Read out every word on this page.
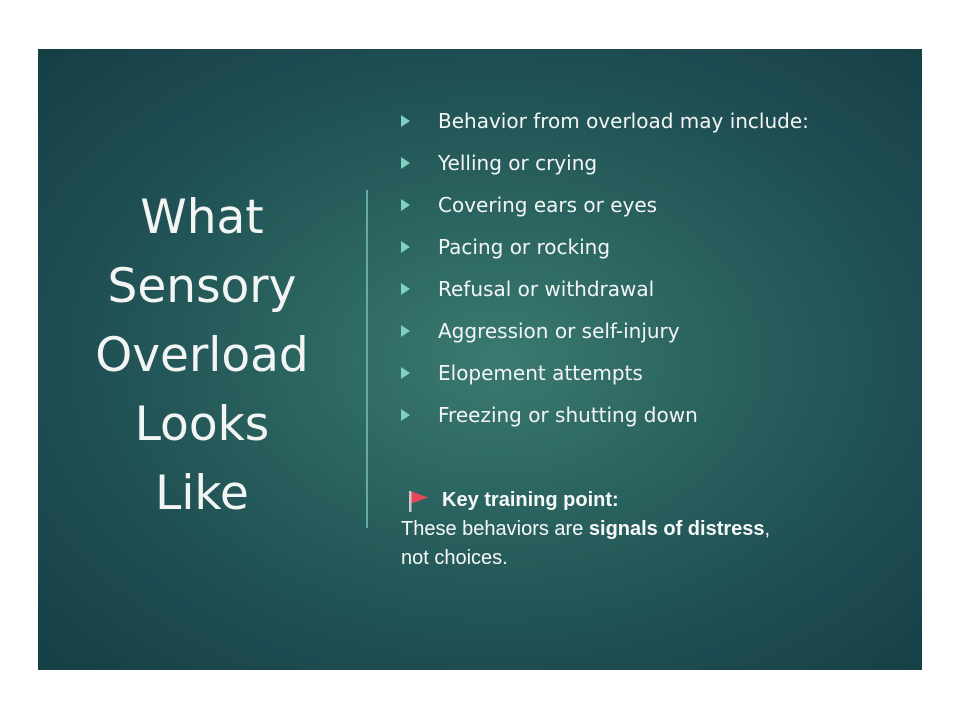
What
Sensory
Overload
Looks
Like
Behavior from overload may include:
Yelling or crying
Covering ears or eyes
Pacing or rocking
Refusal or withdrawal
Aggression or self-injury
Elopement attempts
Freezing or shutting down
Key training point:
These behaviors are signals of distress,
not choices.
